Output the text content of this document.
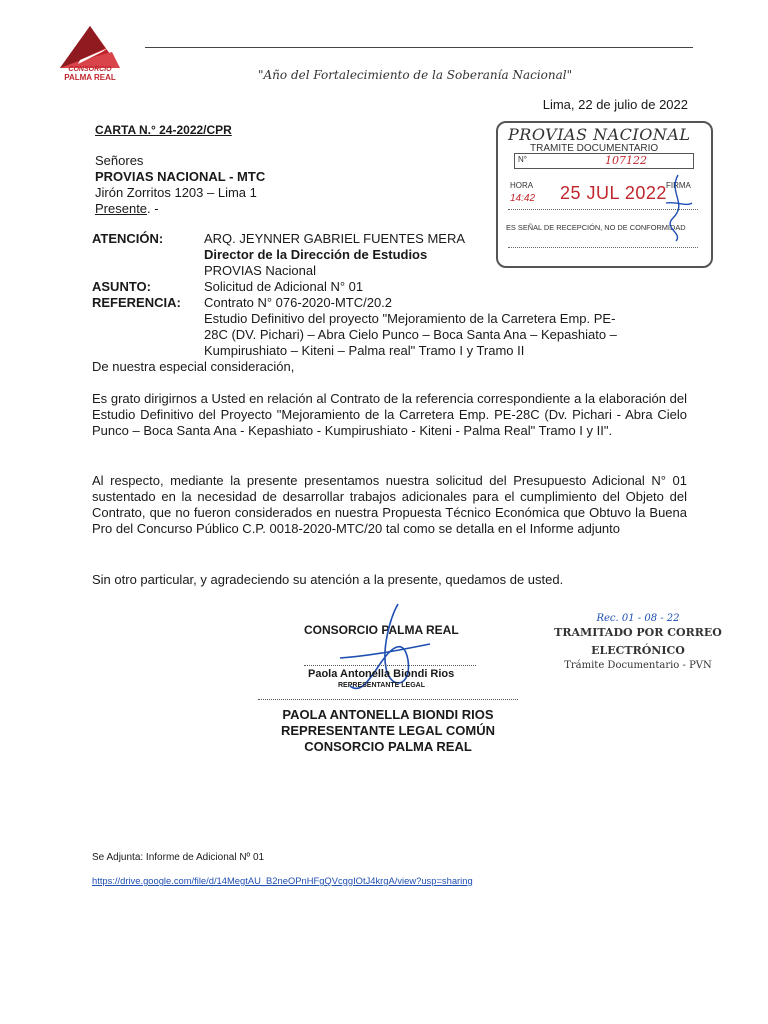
CONSORCIO
PALMA REAL	"Año del Fortalecimiento de la Soberanía Nacional"
Lima, 22 de julio de 2022
CARTA N.° 24-2022/CPR
Señores
PROVIAS NACIONAL - MTC
Jirón Zorritos 1203 – Lima 1
Presente. -
ATENCIÓN:	ARQ. JEYNNER GABRIEL FUENTES MERA
Director de la Dirección de Estudios
PROVIAS Nacional
ASUNTO:	Solicitud de Adicional N° 01
REFERENCIA: Contrato N° 076-2020-MTC/20.2
Estudio Definitivo del proyecto "Mejoramiento de la Carretera Emp. PE-
28C (DV. Pichari) – Abra Cielo Punco – Boca Santa Ana – Kepashiato –
Kumpirushiato – Kiteni – Palma real" Tramo I y Tramo II
De nuestra especial consideración,
PROVIAS NACIONAL
TRAMITE DOCUMENTARIO
N°	107122
HORA
14:42 25 JUL 2022 FIRMA
ES SEÑAL DE RECEPCIÓN, NO DE CONFORMIDAD
Es grato dirigirnos a Usted en relación al Contrato de la referencia correspondiente a la elaboración del Estudio Definitivo del Proyecto "Mejoramiento de la Carretera Emp. PE-28C (Dv. Pichari - Abra Cielo Punco – Boca Santa Ana - Kepashiato - Kumpirushiato - Kiteni - Palma Real" Tramo I y II".
Al respecto, mediante la presente presentamos nuestra solicitud del Presupuesto Adicional N° 01 sustentado en la necesidad de desarrollar trabajos adicionales para el cumplimiento del Objeto del Contrato, que no fueron considerados en nuestra Propuesta Técnico Económica que Obtuvo la Buena Pro del Concurso Público C.P. 0018-2020-MTC/20 tal como se detalla en el Informe adjunto
Sin otro particular, y agradeciendo su atención a la presente, quedamos de usted.
CONSORCIO PALMA REAL
Paola Antonella Biondi Rios
REPRESENTANTE LEGAL
PAOLA ANTONELLA BIONDI RIOS
REPRESENTANTE LEGAL COMÚN
CONSORCIO PALMA REAL
Rec. 01 - 08 - 22
TRAMITADO POR CORREO
ELECTRÓNICO
Trámite Documentario - PVN
Se Adjunta: Informe de Adicional Nº 01
https://drive.google.com/file/d/14MegtAU_B2neOPnHFgQVcggIOtJ4krgA/view?usp=sharing
